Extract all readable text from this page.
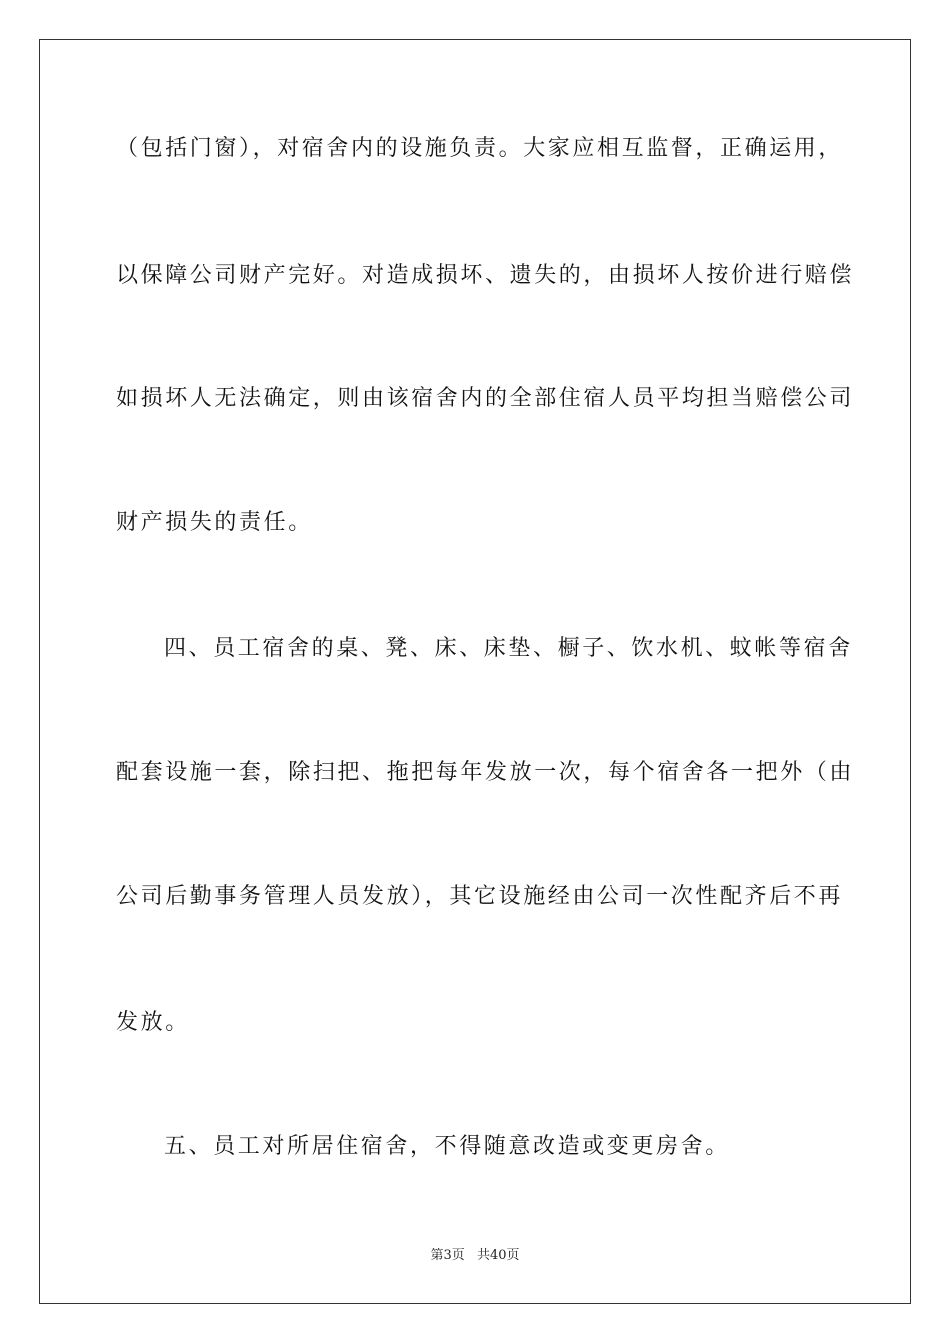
（包括门窗），对宿舍内的设施负责。大家应相互监督，正确运用，
以保障公司财产完好。对造成损坏、遗失的，由损坏人按价进行赔偿
如损坏人无法确定，则由该宿舍内的全部住宿人员平均担当赔偿公司
财产损失的责任。
四、员工宿舍的桌、凳、床、床垫、橱子、饮水机、蚊帐等宿舍
配套设施一套，除扫把、拖把每年发放一次，每个宿舍各一把外（由
公司后勤事务管理人员发放），其它设施经由公司一次性配齐后不再
发放。
五、员工对所居住宿舍，不得随意改造或变更房舍。
第3页 共40页
